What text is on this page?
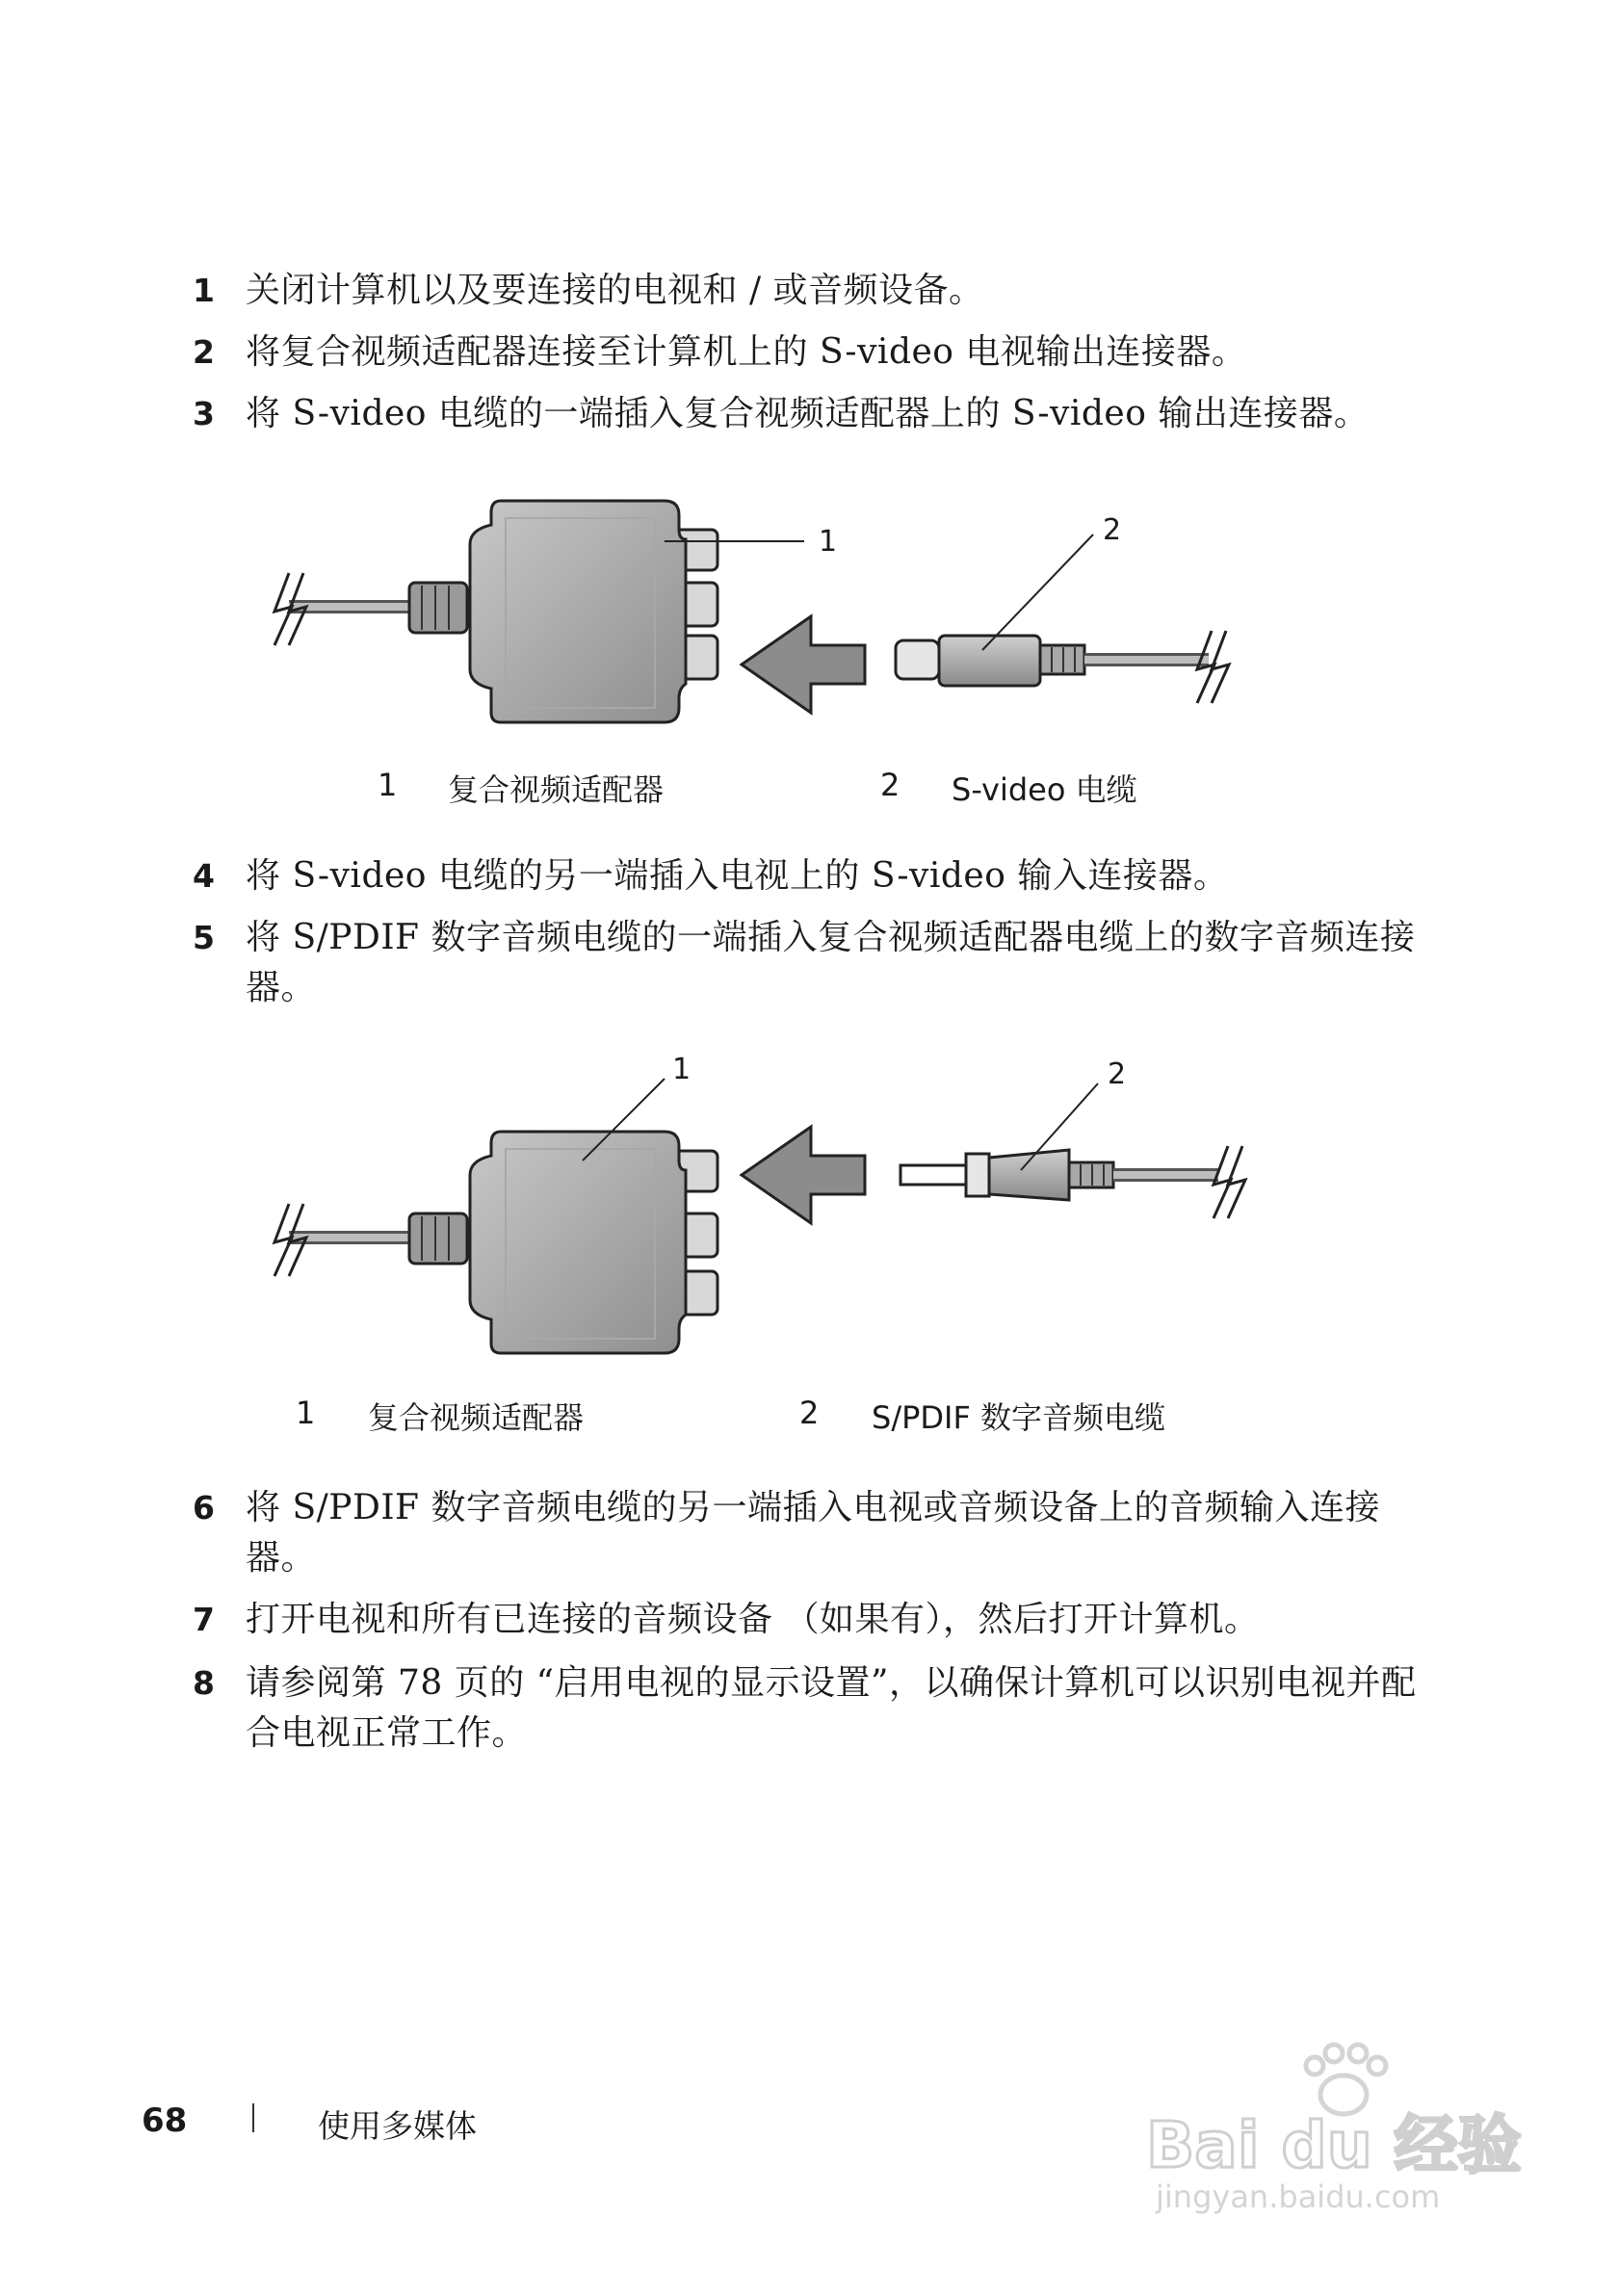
1 关闭计算机以及要连接的电视和 / 或音频设备。
2 将复合视频适配器连接至计算机上的 S-video 电视输出连接器。
3 将 S-video 电缆的一端插入复合视频适配器上的 S-video 输出连接器。
1	2
1 复合视频适配器	2 S-video 电缆
4 将 S-video 电缆的另一端插入电视上的 S-video 输入连接器。
5 将 S/PDIF 数字音频电缆的一端插入复合视频适配器电缆上的数字音频连接器。
1	2
1 复合视频适配器	2 S/PDIF 数字音频电缆
6 将 S/PDIF 数字音频电缆的另一端插入电视或音频设备上的音频输入连接器。
7 打开电视和所有已连接的音频设备 （如果有），然后打开计算机。
8 请参阅第 78 页的 “启用电视的显示设置”，以确保计算机可以识别电视并配合电视正常工作。
68	使用多媒体	Bai du 经验
jingyan.baidu.com
